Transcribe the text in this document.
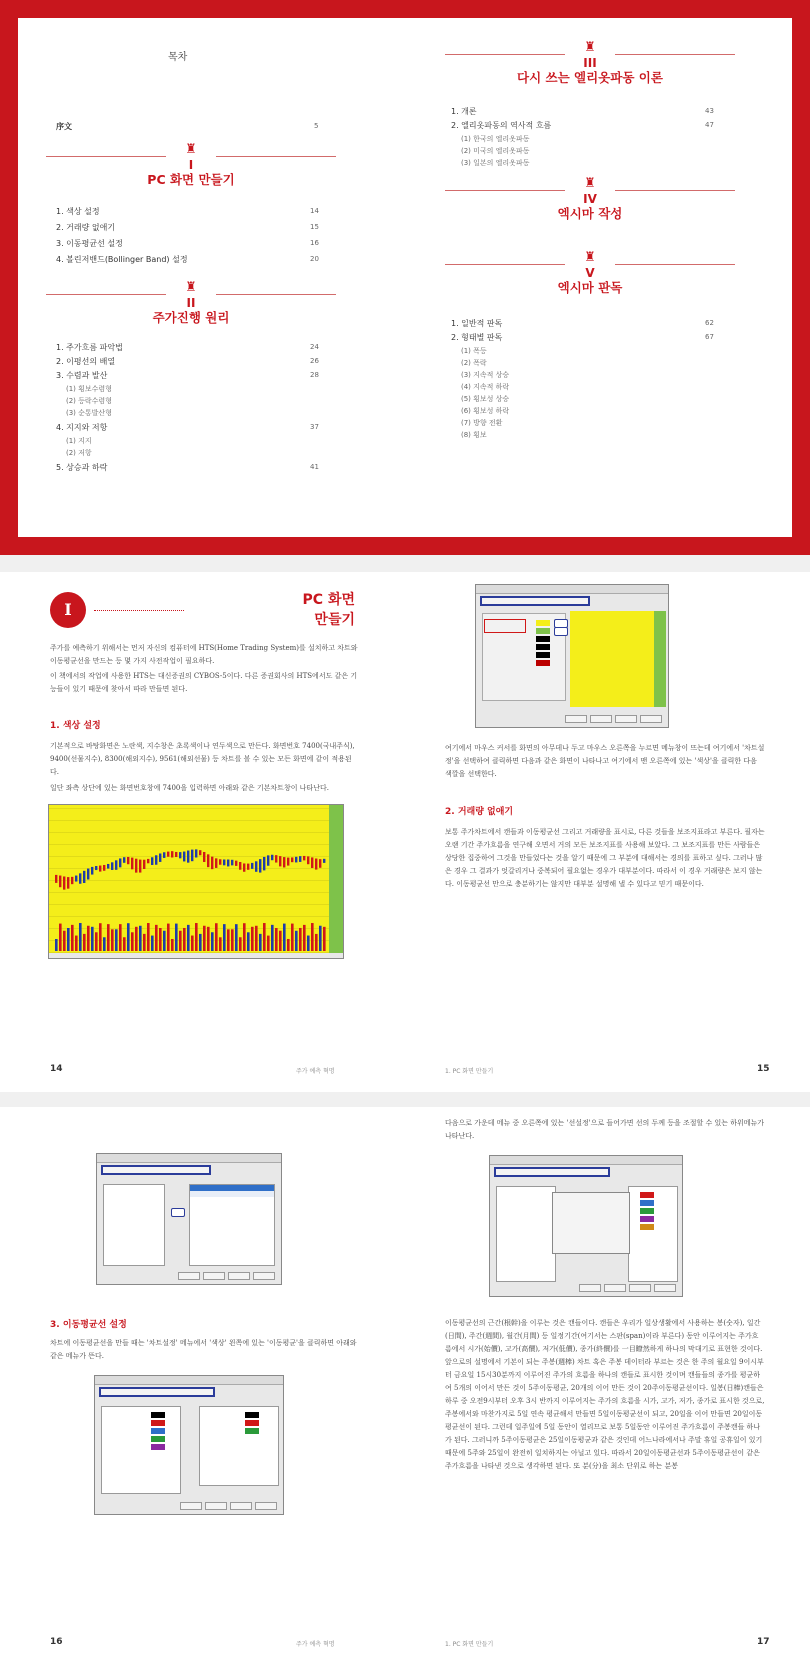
목차
序文	5
♜
I
PC 화면 만들기
1. 색상 설정	14
2. 거래량 없애기	15
3. 이동평균선 설정	16
4. 볼린저밴드(Bollinger Band) 설정	20
♜
II
주가진행 원리
1. 주가흐름 파악법	24
2. 이평선의 배열	26
3. 수렴과 발산	28
(1) 횡보수렴형
(2) 등락수렴형
(3) 순통발산형
4. 지지와 저항	37
(1) 지지
(2) 저항
5. 상승과 하락	41
♜
III
다시 쓰는 엘리옷파동 이론
1. 개론	43
2. 엘리옷파동의 역사적 흐름	47
(1) 한국의 엘리옷파동
(2) 미국의 엘리옷파동
(3) 일본의 엘리옷파동
♜
IV
엑시마 작성
♜
V
엑시마 판독
1. 일반적 판독	62
2. 형태별 판독	67
(1) 폭등
(2) 폭락
(3) 지속적 상승
(4) 지속적 하락
(5) 횡보성 상승
(6) 횡보성 하락
(7) 방향 전환
(8) 횡보
I	PC 화면
만들기
주가를 예측하기 위해서는 먼저 자신의 컴퓨터에 HTS(Home Trading System)를 설치하고 차트와 이동평균선을 만드는 등 몇 가지 사전작업이 필요하다.
이 책에서의 작업에 사용한 HTS는 대신증권의 CYBOS-5이다. 다른 증권회사의 HTS에서도 같은 기능들이 있기 때문에 찾아서 따라 만들면 된다.
1. 색상 설정
기본적으로 바탕화면은 노란색, 지수창은 초록색이나 연두색으로 만든다. 화면번호 7400(국내주식), 9400(선물지수), 8300(해외지수), 9561(해외선물) 등 차트를 볼 수 있는 모든 화면에 같이 적용된다.
일단 좌측 상단에 있는 화면번호창에 7400을 입력하면 아래와 같은 기본차트창이 나타난다.
14	주가 예측 혁명
여기에서 마우스 커서를 화면의 아무데나 두고 마우스 오른쪽을 누르면 메뉴창이 뜨는데 여기에서 '차트설정'을 선택하여 클릭하면 다음과 같은 화면이 나타나고 여기에서 맨 오른쪽에 있는 '색상'을 클릭한 다음 색깔을 선택한다.
2. 거래량 없애기
보통 주가차트에서 캔들과 이동평균선 그리고 거래량을 표시로, 다른 것들을 보조지표라고 부른다. 필자는 오랜 기간 주가흐름을 연구해 오면서 거의 모든 보조지표를 사용해 보았다. 그 보조지표를 만든 사람들은 상당한 집중하여 그것을 만들었다는 것을 알기 때문에 그 부분에 대해서는 경의를 표하고 싶다. 그러나 많은 경우 그 결과가 엇갈리거나 중복되어 필요없는 경우가 대부분이다. 따라서 이 경우 거래량은 보지 않는다. 이동평균선 만으로 충분하기는 않지만 대부분 설명해 낼 수 있다고 믿기 때문이다.
1. PC 화면 만들기	15
3. 이동평균선 설정
차트에 이동평균선을 만들 때는 '차트설정' 메뉴에서 '색상' 왼쪽에 있는 '이동평균'을 클릭하면 아래와 같은 메뉴가 뜬다.
16	주가 예측 혁명
다음으로 가운데 메뉴 중 오른쪽에 있는 '선설정'으로 들어가면 선의 두께 등을 조절할 수 있는 하위메뉴가 나타난다.
이동평균선의 근간(根幹)을 이루는 것은 캔들이다. 캔들은 우리가 일상생활에서 사용하는 봉(숫자), 일간(日間), 주간(週間), 월간(月間) 등 일정기간(여기서는 스판(span)이라 부른다) 동안 이루어지는 주가흐름에서 시가(始價), 고가(高價), 저가(低價), 종가(終價)를 一目瞭然하게 하나의 막대기로 표현한 것이다. 앞으로의 설명에서 기본이 되는 주봉(週棒) 차트 혹은 주봉 데이터라 부르는 것은 한 주의 월요일 9이시부터 금요일 15시30분까지 이루어진 주가의 흐름을 하나의 캔들로 표시한 것이며 캔들들의 종가를 평균하여 5개의 이어서 만든 것이 5주이동평균, 20개의 이어 만든 것이 20주이동평균선이다. 일봉(日棒)캔들은 하루 중 오전9시부터 오후 3시 반까지 이루어지는 주가의 흐름을 시가, 고가, 저가, 종가로 표시한 것으로, 주봉에서와 마찬가지로 5일 연속 평균해서 만들면 5일이동평균선이 되고, 20일을 이어 만들면 20일이동평균선이 된다. 그런데 일주일에 5일 동안이 열리므로 보통 5일동안 이루어진 주가흐름이 주봉캔들 하나가 된다. 그러니까 5주이동평균은 25일이동평균과 같은 것인데 어느나라에서나 주말 휴일 공휴일이 있기 때문에 5주와 25일이 완전히 일치하지는 아닐고 있다. 따라서 20일이동평균선과 5주이동평균선이 같은 주가흐름을 나타낸 것으로 생각하면 된다. 또 분(分)을 최소 단위로 하는 분봉
1. PC 화면 만들기	17
